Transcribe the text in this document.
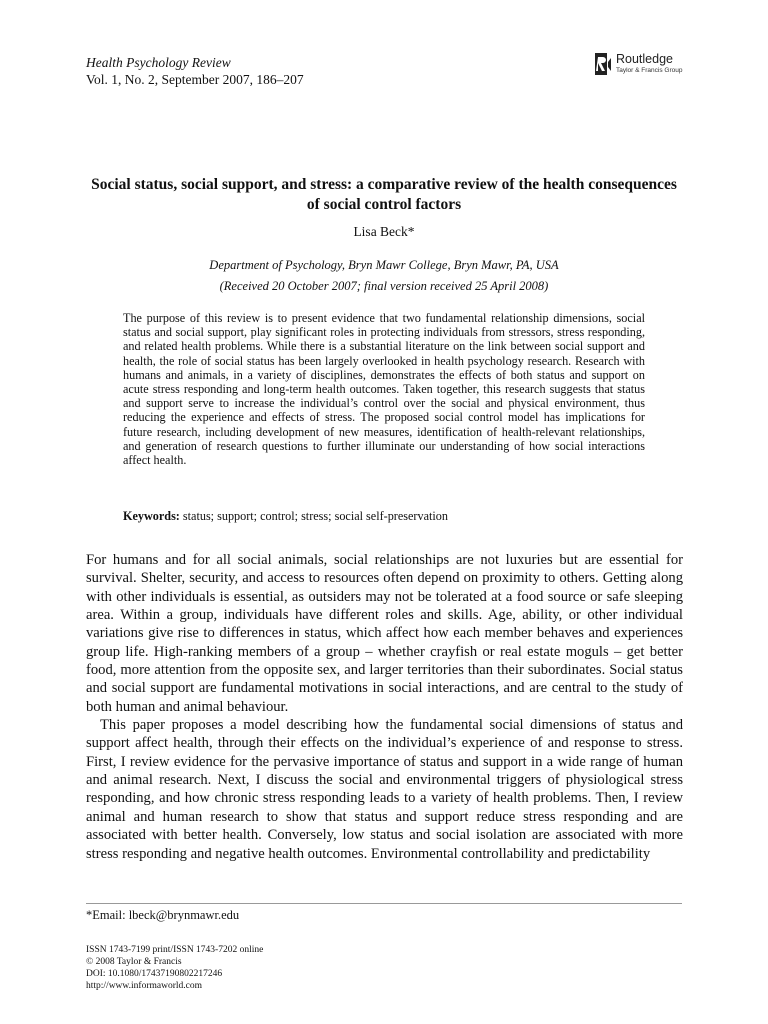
Health Psychology Review
Vol. 1, No. 2, September 2007, 186–207
Routledge
Taylor & Francis Group
Social status, social support, and stress: a comparative review of the health consequences of social control factors
Lisa Beck*
Department of Psychology, Bryn Mawr College, Bryn Mawr, PA, USA
(Received 20 October 2007; final version received 25 April 2008)

The purpose of this review is to present evidence that two fundamental relationship dimensions, social status and social support, play significant roles in protecting individuals from stressors, stress responding, and related health problems. While there is a substantial literature on the link between social support and health, the role of social status has been largely overlooked in health psychology research. Research with humans and animals, in a variety of disciplines, demonstrates the effects of both status and support on acute stress responding and long-term health outcomes. Taken together, this research suggests that status and support serve to increase the individual’s control over the social and physical environment, thus reducing the experience and effects of stress. The proposed social control model has implications for future research, including development of new measures, identification of health-relevant relationships, and generation of research questions to further illuminate our understanding of how social interactions affect health.

Keywords: status; support; control; stress; social self-preservation

For humans and for all social animals, social relationships are not luxuries but are essential for survival. Shelter, security, and access to resources often depend on proximity to others. Getting along with other individuals is essential, as outsiders may not be tolerated at a food source or safe sleeping area. Within a group, individuals have different roles and skills. Age, ability, or other individual variations give rise to differences in status, which affect how each member behaves and experiences group life. High-ranking members of a group – whether crayfish or real estate moguls – get better food, more attention from the opposite sex, and larger territories than their subordinates. Social status and social support are fundamental motivations in social interactions, and are central to the study of both human and animal behaviour.

This paper proposes a model describing how the fundamental social dimensions of status and support affect health, through their effects on the individual’s experience of and response to stress. First, I review evidence for the pervasive importance of status and support in a wide range of human and animal research. Next, I discuss the social and environmental triggers of physiological stress responding, and how chronic stress responding leads to a variety of health problems. Then, I review animal and human research to show that status and support reduce stress responding and are associated with better health. Conversely, low status and social isolation are associated with more stress responding and negative health outcomes. Environmental controllability and predictability

*Email: lbeck@brynmawr.edu
ISSN 1743-7199 print/ISSN 1743-7202 online
© 2008 Taylor & Francis
DOI: 10.1080/17437190802217246
http://www.informaworld.com
